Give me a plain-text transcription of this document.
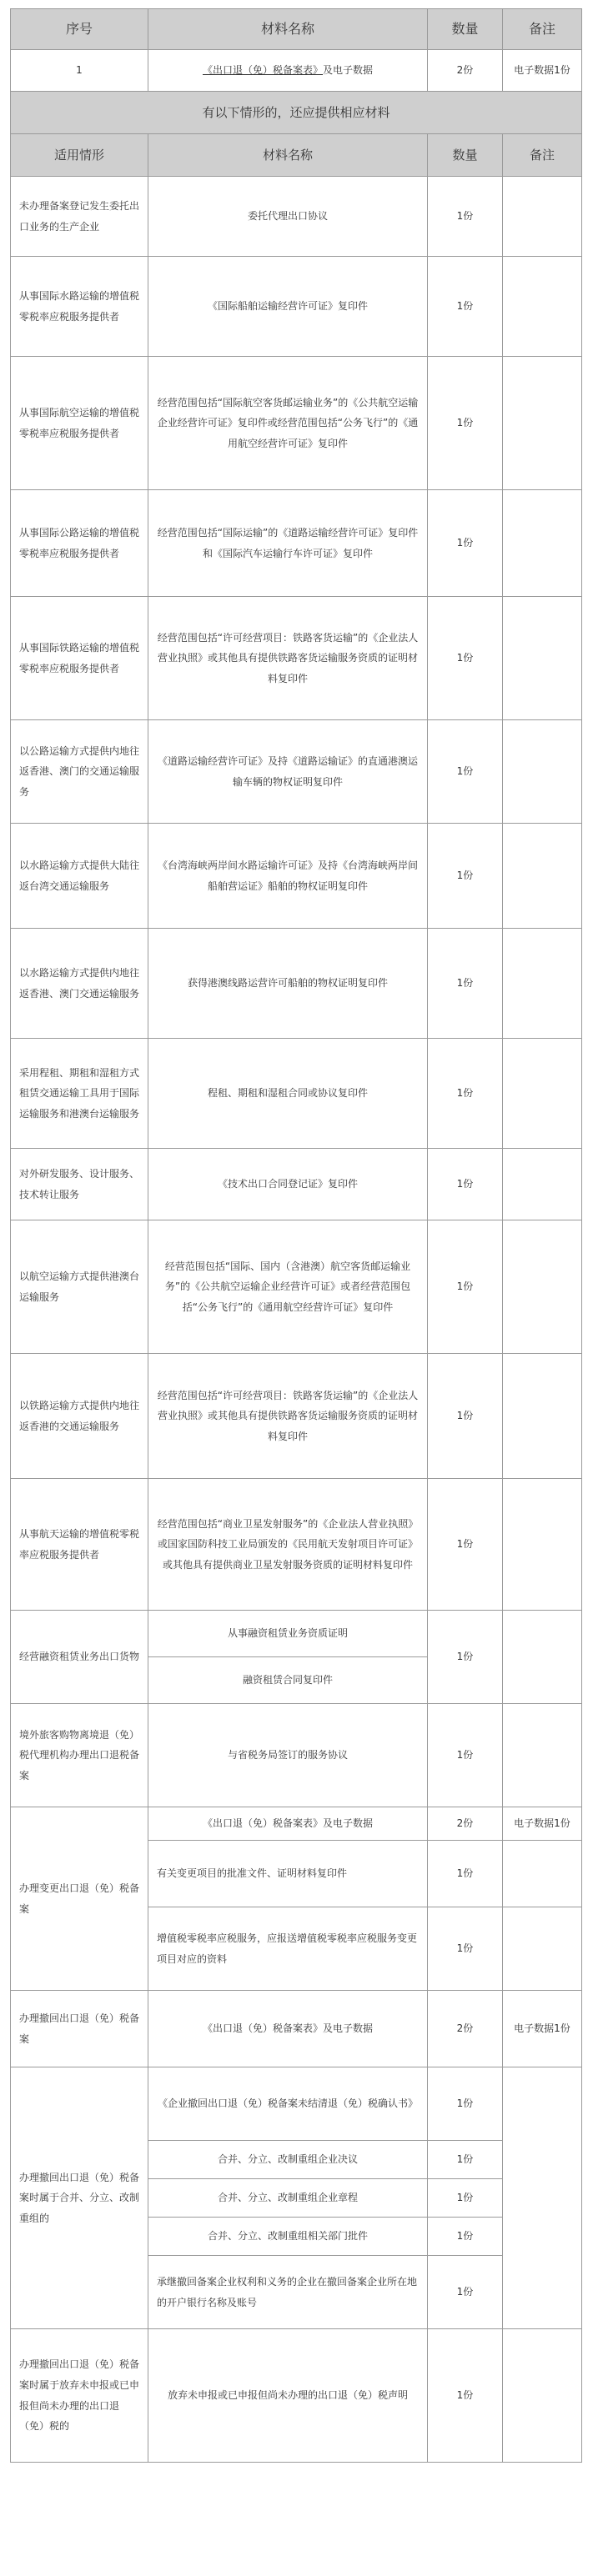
序号	材料名称	数量	备注
1	《出口退（免）税备案表》及电子数据	2份	电子数据1份
有以下情形的，还应提供相应材料			
适用情形	材料名称	数量	备注
未办理备案登记发生委托出口业务的生产企业	委托代理出口协议	1份	
从事国际水路运输的增值税零税率应税服务提供者	《国际船舶运输经营许可证》复印件	1份	
从事国际航空运输的增值税零税率应税服务提供者	经营范围包括“国际航空客货邮运输业务”的《公共航空运输企业经营许可证》复印件或经营范围包括“公务飞行”的《通用航空经营许可证》复印件	1份	
从事国际公路运输的增值税零税率应税服务提供者	经营范围包括“国际运输”的《道路运输经营许可证》复印件和《国际汽车运输行车许可证》复印件	1份	
从事国际铁路运输的增值税零税率应税服务提供者	经营范围包括“许可经营项目：铁路客货运输”的《企业法人营业执照》或其他具有提供铁路客货运输服务资质的证明材料复印件	1份	
以公路运输方式提供内地往返香港、澳门的交通运输服务	《道路运输经营许可证》及持《道路运输证》的直通港澳运输车辆的物权证明复印件	1份	
以水路运输方式提供大陆往返台湾交通运输服务	《台湾海峡两岸间水路运输许可证》及持《台湾海峡两岸间船舶营运证》船舶的物权证明复印件	1份	
以水路运输方式提供内地往返香港、澳门交通运输服务	获得港澳线路运营许可船舶的物权证明复印件	1份	
采用程租、期租和湿租方式租赁交通运输工具用于国际运输服务和港澳台运输服务	程租、期租和湿租合同或协议复印件	1份	
对外研发服务、设计服务、技术转让服务	《技术出口合同登记证》复印件	1份	
以航空运输方式提供港澳台运输服务	经营范围包括“国际、国内（含港澳）航空客货邮运输业务”的《公共航空运输企业经营许可证》或者经营范围包括“公务飞行”的《通用航空经营许可证》复印件	1份	
以铁路运输方式提供内地往返香港的交通运输服务	经营范围包括“许可经营项目：铁路客货运输”的《企业法人营业执照》或其他具有提供铁路客货运输服务资质的证明材料复印件	1份	
从事航天运输的增值税零税率应税服务提供者	经营范围包括“商业卫星发射服务”的《企业法人营业执照》或国家国防科技工业局颁发的《民用航天发射项目许可证》或其他具有提供商业卫星发射服务资质的证明材料复印件	1份	
经营融资租赁业务出口货物	从事融资租赁业务资质证明	1份	
	融资租赁合同复印件		
境外旅客购物离境退（免）税代理机构办理出口退税备案	与省税务局签订的服务协议	1份	
办理变更出口退（免）税备案	《出口退（免）税备案表》及电子数据	2份	电子数据1份
	有关变更项目的批准文件、证明材料复印件	1份	
	增值税零税率应税服务，应报送增值税零税率应税服务变更项目对应的资料	1份	
办理撤回出口退（免）税备案	《出口退（免）税备案表》及电子数据	2份	电子数据1份
办理撤回出口退（免）税备案时属于合并、分立、改制重组的	《企业撤回出口退（免）税备案未结清退（免）税确认书》	1份	
	合并、分立、改制重组企业决议	1份	
	合并、分立、改制重组企业章程	1份	
	合并、分立、改制重组相关部门批件	1份	
	承继撤回备案企业权利和义务的企业在撤回备案企业所在地的开户银行名称及账号	1份	
办理撤回出口退（免）税备案时属于放弃未申报或已申报但尚未办理的出口退（免）税的	放弃未申报或已申报但尚未办理的出口退（免）税声明	1份	
